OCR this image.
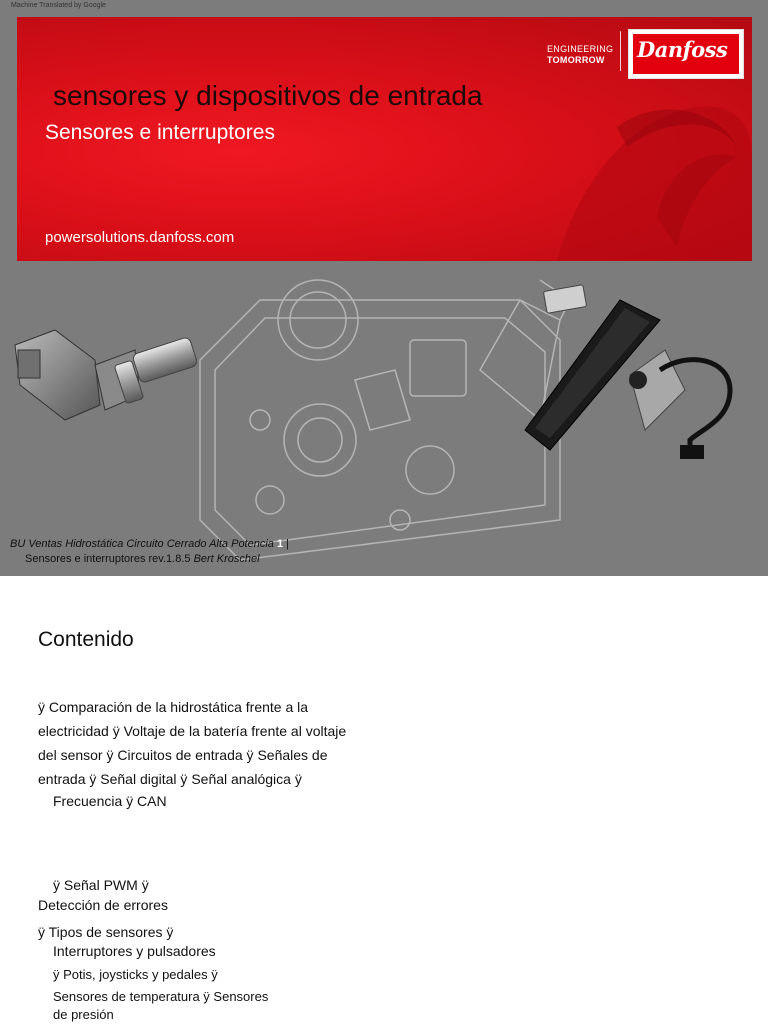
sensores y dispositivos de entrada
Sensores e interruptores
powersolutions.danfoss.com
ENGINEERING
TOMORROW	Danfoss
BU Ventas Hidrostática Circuito Cerrado Alta Potencia 1 |
Sensores e interruptores rev.1.8.5 Bert Kroschel
Machine Translated by Google
Contenido
ÿ Comparación de la hidrostática frente a la
electricidad ÿ Voltaje de la batería frente al voltaje
del sensor ÿ Circuitos de entrada ÿ Señales de
entrada ÿ Señal digital ÿ Señal analógica ÿ
Frecuencia ÿ CAN
ÿ Señal PWM ÿ
Detección de errores
ÿ Tipos de sensores ÿ
Interruptores y pulsadores
ÿ Potis, joysticks y pedales ÿ
Sensores de temperatura ÿ Sensores
de presión
